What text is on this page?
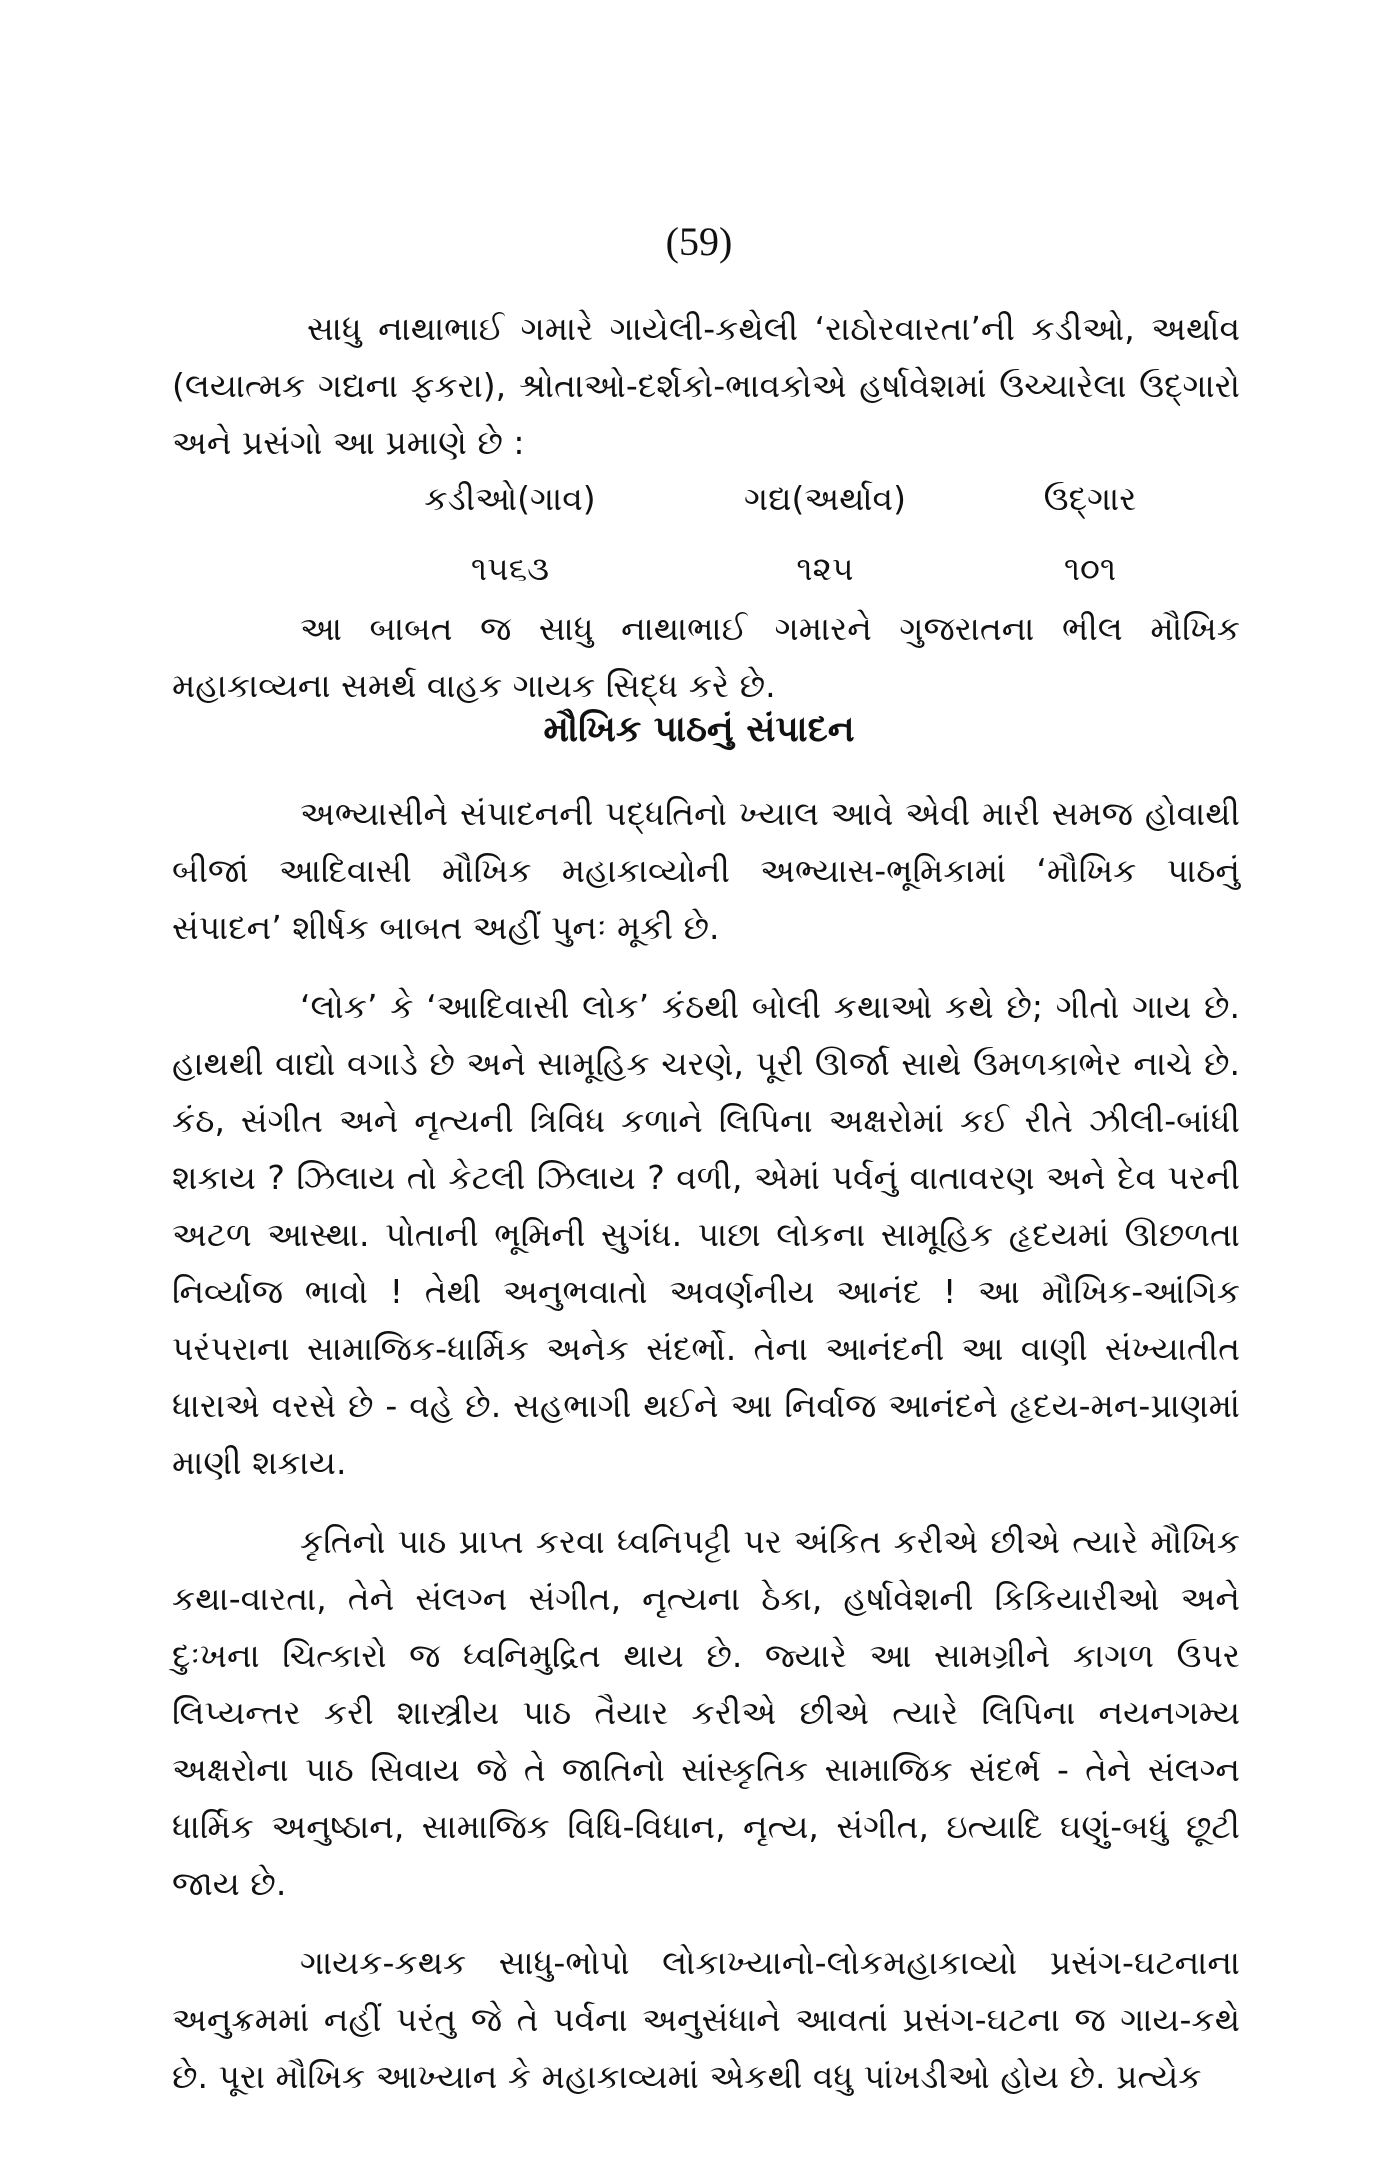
(59)

સાધુ નાથાભાઈ ગમારે ગાયેલી-કથેલી ‘રાઠોરવારતા’ની કડીઓ, અર્થાવ (લયાત્મક ગદ્યના ફકરા), શ્રોતાઓ-દર્શકો-ભાવકોએ હર્ષાવેશમાં ઉચ્ચારેલા ઉદ્‌ગારો અને પ્રસંગો આ પ્રમાણે છે :

કડીઓ(ગાવ)	ગદ્ય(અર્થાવ)	ઉદ્‌ગાર
૧૫૬૩	૧૨૫	૧૦૧

આ બાબત જ સાધુ નાથાભાઈ ગમારને ગુજરાતના ભીલ મૌખિક મહાકાવ્યના સમર્થ વાહક ગાયક સિદ્ધ કરે છે.

મૌખિક પાઠનું સંપાદન

અભ્યાસીને સંપાદનની પદ્ધતિનો ખ્યાલ આવે એવી મારી સમજ હોવાથી બીજાં આદિવાસી મૌખિક મહાકાવ્યોની અભ્યાસ-ભૂમિકામાં ‘મૌખિક પાઠનું સંપાદન’ શીર્ષક બાબત અહીં પુનઃ મૂકી છે.

‘લોક’ કે ‘આદિવાસી લોક’ કંઠથી બોલી કથાઓ કથે છે; ગીતો ગાય છે. હાથથી વાદ્યો વગાડે છે અને સામૂહિક ચરણે, પૂરી ઊર્જા સાથે ઉમળકાભેર નાચે છે. કંઠ, સંગીત અને નૃત્યની ત્રિવિધ કળાને લિપિના અક્ષરોમાં કઈ રીતે ઝીલી-બાંધી શકાય ? ઝિલાય તો કેટલી ઝિલાય ? વળી, એમાં પર્વનું વાતાવરણ અને દેવ પરની અટળ આસ્થા. પોતાની ભૂમિની સુગંધ. પાછા લોકના સામૂહિક હૃદયમાં ઊછળતા નિર્વ્યાજ ભાવો ! તેથી અનુભવાતો અવર્ણનીય આનંદ ! આ મૌખિક-આંગિક પરંપરાના સામાજિક-ધાર્મિક અનેક સંદર્ભો. તેના આનંદની આ વાણી સંખ્યાતીત ધારાએ વરસે છે - વહે છે. સહભાગી થઈને આ નિર્વાજ આનંદને હૃદય-મન-પ્રાણમાં માણી શકાય.

કૃતિનો પાઠ પ્રાપ્ત કરવા ધ્વનિપટ્ટી પર અંકિત કરીએ છીએ ત્યારે મૌખિક કથા-વારતા, તેને સંલગ્ન સંગીત, નૃત્યના ઠેકા, હર્ષાવેશની કિકિયારીઓ અને દુઃખના ચિત્કારો જ ધ્વનિમુદ્રિત થાય છે. જ્યારે આ સામગ્રીને કાગળ ઉપર લિપ્યન્તર કરી શાસ્ત્રીય પાઠ તૈયાર કરીએ છીએ ત્યારે લિપિના નયનગમ્ય અક્ષરોના પાઠ સિવાય જે તે જાતિનો સાંસ્કૃતિક સામાજિક સંદર્ભ - તેને સંલગ્ન ધાર્મિક અનુષ્ઠાન, સામાજિક વિધિ-વિધાન, નૃત્ય, સંગીત, ઇત્યાદિ ઘણું-બધું છૂટી જાય છે.

ગાયક-કથક સાધુ-ભોપો લોકાખ્યાનો-લોકમહાકાવ્યો પ્રસંગ-ઘટનાના અનુક્રમમાં નહીં પરંતુ જે તે પર્વના અનુસંધાને આવતાં પ્રસંગ-ઘટના જ ગાય-કથે છે. પૂરા મૌખિક આખ્યાન કે મહાકાવ્યમાં એકથી વધુ પાંખડીઓ હોય છે. પ્રત્યેક
